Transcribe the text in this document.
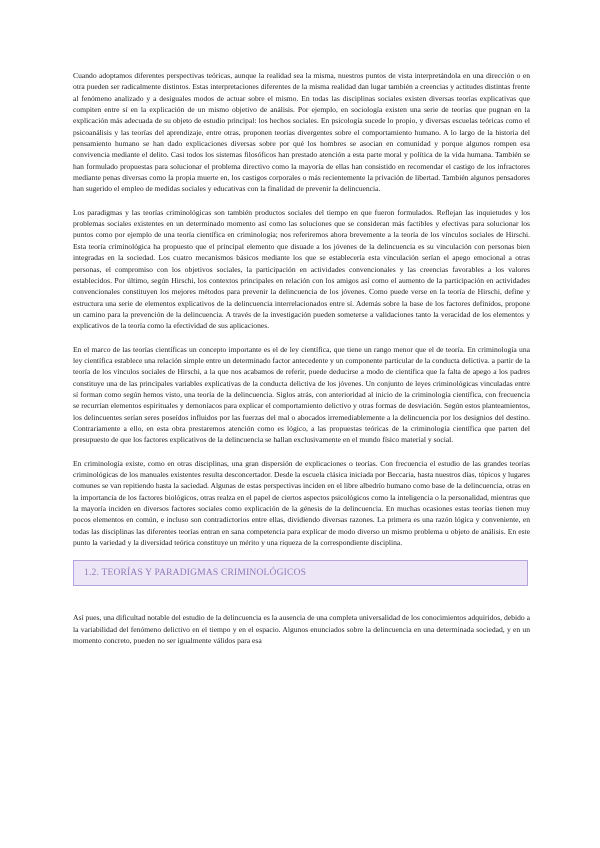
Cuando adoptamos diferentes perspectivas teóricas, aunque la realidad sea la misma, nuestros puntos de vista interpretándola en una dirección o en otra pueden ser radicalmente distintos. Estas interpretaciones diferentes de la misma realidad dan lugar también a creencias y actitudes distintas frente al fenómeno analizado y a desiguales modos de actuar sobre el mismo. En todas las disciplinas sociales existen diversas teorías explicativas que compiten entre sí en la explicación de un mismo objetivo de análisis. Por ejemplo, en sociología existen una serie de teorías que pugnan en la explicación más adecuada de su objeto de estudio principal: los hechos sociales. En psicología sucede lo propio, y diversas escuelas teóricas como el psicoanálisis y las teorías del aprendizaje, entre otras, proponen teorías divergentes sobre el comportamiento humano. A lo largo de la historia del pensamiento humano se han dado explicaciones diversas sobre por qué los hombres se asocian en comunidad y porque algunos rompen esa convivencia mediante el delito. Casi todos los sistemas filosóficos han prestado atención a esta parte moral y política de la vida humana. También se han formulado propuestas para solucionar el problema directivo como la mayoría de ellas han consistido en recomendar el castigo de los infractores mediante penas diversas como la propia muerte en, los castigos corporales o más recientemente la privación de libertad. También algunos pensadores han sugerido el empleo de medidas sociales y educativas con la finalidad de prevenir la delincuencia.

Los paradigmas y las teorías criminológicas son también productos sociales del tiempo en que fueron formulados. Reflejan las inquietudes y los problemas sociales existentes en un determinado momento así como las soluciones que se consideran más factibles y efectivas para solucionar los puntos como por ejemplo de una teoría científica en criminología; nos referiremos ahora brevemente a la teoría de los vínculos sociales de Hirschi. Esta teoría criminológica ha propuesto que el principal elemento que disuade a los jóvenes de la delincuencia es su vinculación con personas bien integradas en la sociedad. Los cuatro mecanismos básicos mediante los que se establecería esta vinculación serían el apego emocional a otras personas, el compromiso con los objetivos sociales, la participación en actividades convencionales y las creencias favorables a los valores establecidos. Por último, según Hirschi, los contextos principales en relación con los amigos así como el aumento de la participación en actividades convencionales constituyen los mejores métodos para prevenir la delincuencia de los jóvenes. Como puede verse en la teoría de Hirschi, define y estructura una serie de elementos explicativos de la delincuencia interrelacionados entre sí. Además sobre la base de los factores definidos, propone un camino para la prevención de la delincuencia. A través de la investigación pueden someterse a validaciones tanto la veracidad de los elementos y explicativos de la teoría como la efectividad de sus aplicaciones.

En el marco de las teorías científicas un concepto importante es el de ley científica, que tiene un rango menor que el de teoría. En criminología una ley científica establece una relación simple entre un determinado factor antecedente y un componente particular de la conducta delictiva. a partir de la teoría de los vínculos sociales de Hirschi, a la que nos acabamos de referir, puede deducirse a modo de científica que la falta de apego a los padres constituye una de las principales variables explicativas de la conducta delictiva de los jóvenes. Un conjunto de leyes criminológicas vinculadas entre sí forman como según hemos visto, una teoría de la delincuencia. Siglos atrás, con anterioridad al inicio de la criminología científica, con frecuencia se recurrían elementos espirituales y demoníacos para explicar el comportamiento delictivo y otras formas de desviación. Según estos planteamientos, los delincuentes serían seres poseídos influidos por las fuerzas del mal o abocados irremediablemente a la delincuencia por los designios del destino. Contrariamente a ello, en esta obra prestaremos atención como es lógico, a las propuestas teóricas de la criminología científica que parten del presupuesto de que los factores explicativos de la delincuencia se hallan exclusivamente en el mundo físico material y social.

En criminología existe, como en otras disciplinas, una gran dispersión de explicaciones o teorías. Con frecuencia el estudio de las grandes teorías criminológicas de los manuales existentes resulta desconcertador. Desde la escuela clásica iniciada por Beccaria, hasta nuestros días, tópicos y lugares comunes se van repitiendo hasta la saciedad. Algunas de estas perspectivas inciden en el libre albedrío humano como base de la delincuencia, otras en la importancia de los factores biológicos, otras realza en el papel de ciertos aspectos psicológicos como la inteligencia o la personalidad, mientras que la mayoría inciden en diversos factores sociales como explicación de la génesis de la delincuencia. En muchas ocasiones estas teorías tienen muy pocos elementos en común, e incluso son contradictorios entre ellas, dividiendo diversas razones. La primera es una razón lógica y conveniente, en todas las disciplinas las diferentes teorías entran en sana competencia para explicar de modo diverso un mismo problema u objeto de análisis. En este punto la variedad y la diversidad teórica constituye un mérito y una riqueza de la correspondiente disciplina.

1.2. TEORÍAS Y PARADIGMAS CRIMINOLÓGICOS

Así pues, una dificultad notable del estudio de la delincuencia es la ausencia de una completa universalidad de los conocimientos adquiridos, debido a la variabilidad del fenómeno delictivo en el tiempo y en el espacio. Algunos enunciados sobre la delincuencia en una determinada sociedad, y en un momento concreto, pueden no ser igualmente válidos para esa
